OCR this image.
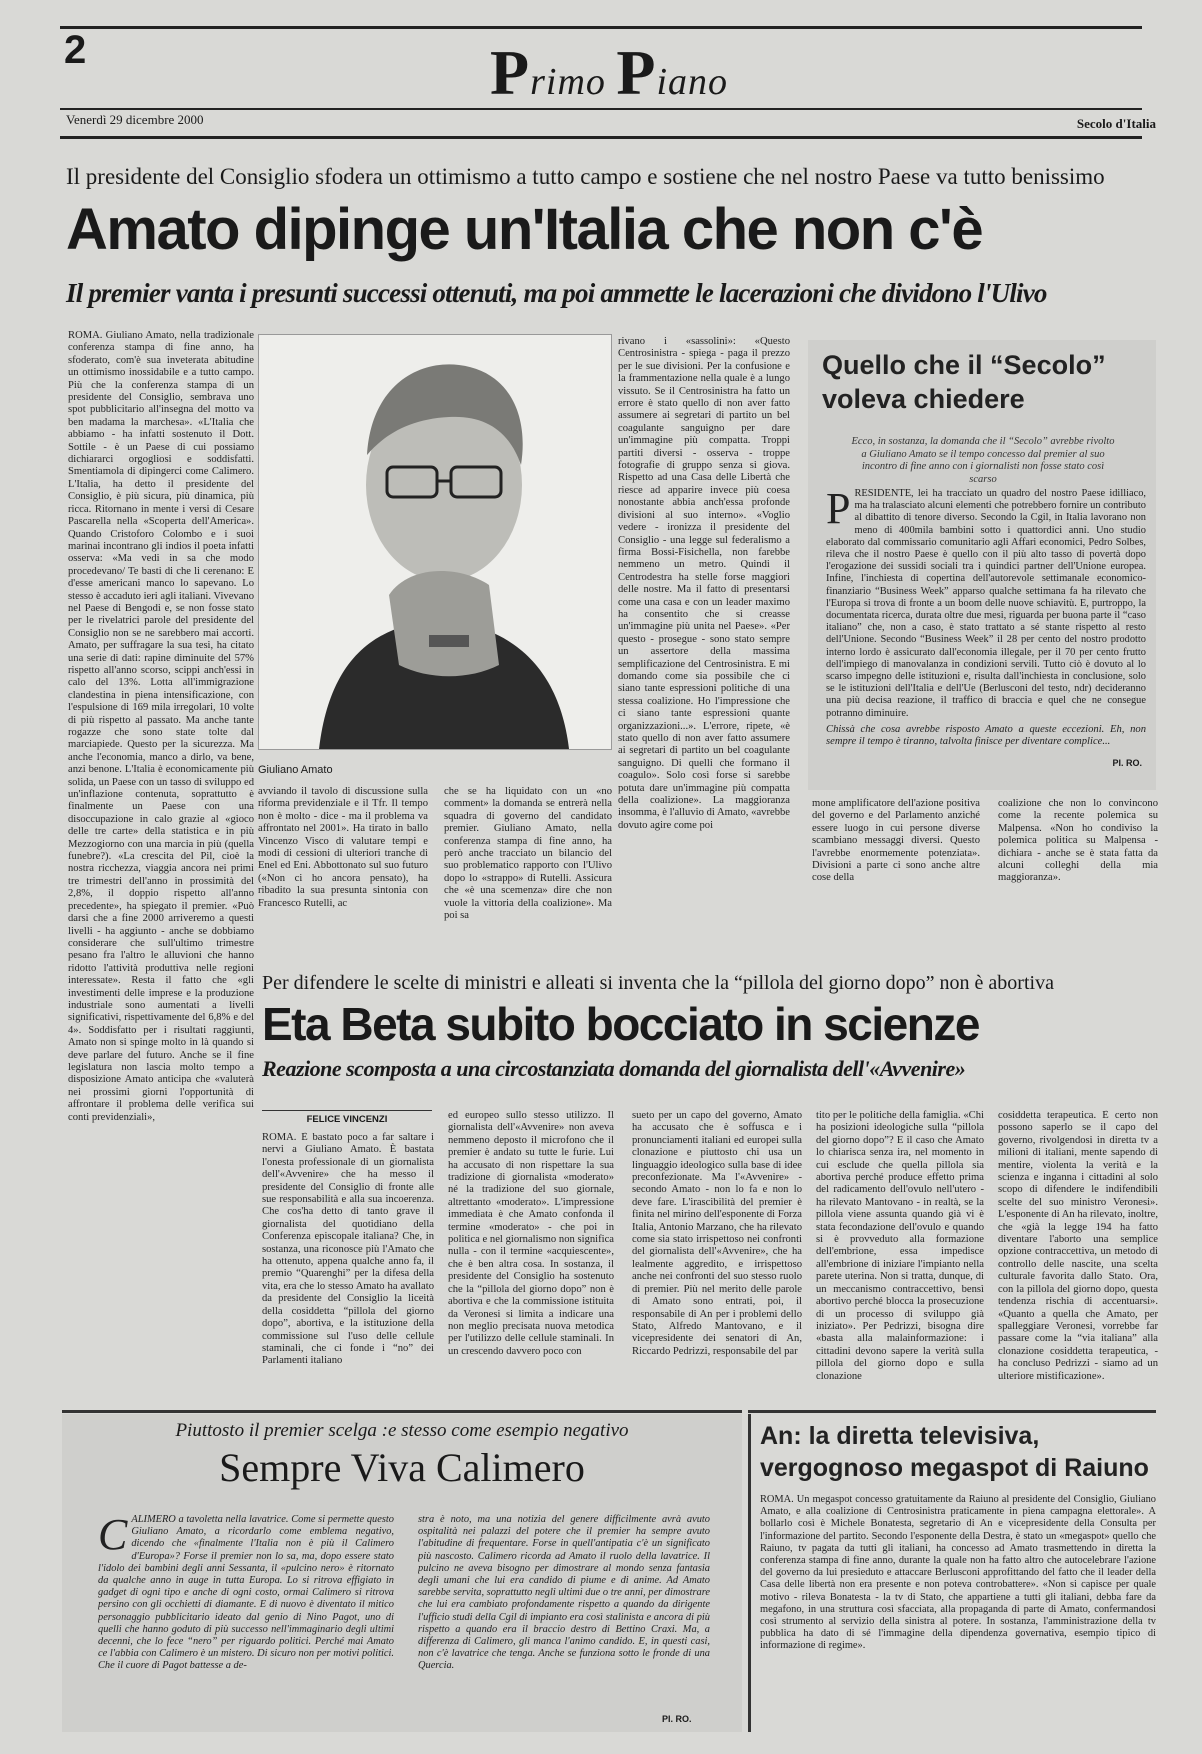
2	Primo Piano
Venerdì 29 dicembre 2000	Secolo d'Italia
Il presidente del Consiglio sfodera un ottimismo a tutto campo e sostiene che nel nostro Paese va tutto benissimo
Amato dipinge un'Italia che non c'è
Il premier vanta i presunti successi ottenuti, ma poi ammette le lacerazioni che dividono l'Ulivo
ROMA. Giuliano Amato, nella tradizionale conferenza stampa di fine anno, ha sfoderato, com'è sua inveterata abitudine un ottimismo inossidabile e a tutto campo. Più che la conferenza stampa di un presidente del Consiglio, sembrava uno spot pubblicitario all'insegna del motto va ben madama la marchesa». «L'Italia che abbiamo - ha infatti sostenuto il Dott. Sottile - è un Paese di cui possiamo dichiararci orgogliosi e soddisfatti. Smentiamola di dipingerci come Calimero. L'Italia, ha detto il presidente del Consiglio, è più sicura, più dinamica, più ricca. Ritornano in mente i versi di Cesare Pascarella nella «Scoperta dell'America». Quando Cristoforo Colombo e i suoi marinai incontrano gli indios il poeta infatti osserva: «Ma vedi in sa che modo procedevano/ Te basti di che li cerenano: E d'esse americani manco lo sapevano. Lo stesso è accaduto ieri agli italiani. Vivevano nel Paese di Bengodi e, se non fosse stato per le rivelatrici parole del presidente del Consiglio non se ne sarebbero mai accorti. Amato, per suffragare la sua tesi, ha citato una serie di dati: rapine diminuite del 57% rispetto all'anno scorso, scippi anch'essi in calo del 13%. Lotta all'immigrazione clandestina in piena intensificazione, con l'espulsione di 169 mila irregolari, 10 volte di più rispetto al passato. Ma anche tante rogazze che sono state tolte dal marciapiede. Questo per la sicurezza. Ma anche l'economia, manco a dirlo, va bene, anzi benone. L'Italia è economicamente più solida, un Paese con un tasso di sviluppo ed un'inflazione contenuta, soprattutto è finalmente un Paese con una disoccupazione in calo grazie al «gioco delle tre carte» della statistica e in più Mezzogiorno con una marcia in più (quella funebre?). «La crescita del Pil, cioè la nostra ricchezza, viaggia ancora nei primi tre trimestri dell'anno in prossimità del 2,8%, il doppio rispetto all'anno precedente», ha spiegato il premier. «Può darsi che a fine 2000 arriveremo a questi livelli - ha aggiunto - anche se dobbiamo considerare che sull'ultimo trimestre pesano fra l'altro le alluvioni che hanno ridotto l'attività produttiva nelle regioni interessate». Resta il fatto che «gli investimenti delle imprese e la produzione industriale sono aumentati a livelli significativi, rispettivamente del 6,8% e del 4». Soddisfatto per i risultati raggiunti, Amato non si spinge molto in là quando si deve parlare del futuro. Anche se il fine legislatura non lascia molto tempo a disposizione Amato anticipa che «valuterà nei prossimi giorni l'opportunità di affrontare il problema delle verifica sui conti previdenziali»,
Giuliano Amato
avviando il tavolo di discussione sulla riforma previdenziale e il Tfr. Il tempo non è molto - dice - ma il problema va affrontato nel 2001». Ha tirato in ballo Vincenzo Visco di valutare tempi e modi di cessioni di ulteriori tranche di Enel ed Eni. Abbottonato sul suo futuro («Non ci ho ancora pensato), ha ribadito la sua presunta sintonia con Francesco Rutelli, ac
che se ha liquidato con un «no comment» la domanda se entrerà nella squadra di governo del candidato premier. Giuliano Amato, nella conferenza stampa di fine anno, ha però anche tracciato un bilancio del suo problematico rapporto con l'Ulivo dopo lo «strappo» di Rutelli. Assicura che «è una scemenza» dire che non vuole la vittoria della coalizione». Ma poi sa
rivano i «sassolini»: «Questo Centrosinistra - spiega - paga il prezzo per le sue divisioni. Per la confusione e la frammentazione nella quale è a lungo vissuto. Se il Centrosinistra ha fatto un errore è stato quello di non aver fatto assumere ai segretari di partito un bel coagulante sanguigno per dare un'immagine più compatta. Troppi partiti diversi - osserva - troppe fotografie di gruppo senza si giova. Rispetto ad una Casa delle Libertà che riesce ad apparire invece più coesa nonostante abbia anch'essa profonde divisioni al suo interno». «Voglio vedere - ironizza il presidente del Consiglio - una legge sul federalismo a firma Bossi-Fisichella, non farebbe nemmeno un metro. Quindi il Centrodestra ha stelle forse maggiori delle nostre. Ma il fatto di presentarsi come una casa e con un leader maximo ha consentito che si creasse un'immagine più unita nel Paese». «Per questo - prosegue - sono stato sempre un assertore della massima semplificazione del Centrosinistra. E mi domando come sia possibile che ci siano tante espressioni politiche di una stessa coalizione. Ho l'impressione che ci siano tante espressioni quante organizzazioni...». L'errore, ripete, «è stato quello di non aver fatto assumere ai segretari di partito un bel coagulante sanguigno. Di quelli che formano il coagulo». Solo così forse si sarebbe potuta dare un'immagine più compatta della coalizione». La maggioranza insomma, è l'alluvio di Amato, «avrebbe dovuto agire come poi
Quello che il “Secolo”
voleva chiedere
Ecco, in sostanza, la domanda che il “Secolo” avrebbe rivolto a Giuliano Amato se il tempo concesso dal premier al suo incontro di fine anno con i giornalisti non fosse stato così scarso
PRESIDENTE, lei ha tracciato un quadro del nostro Paese idilliaco, ma ha tralasciato alcuni elementi che potrebbero fornire un contributo al dibattito di tenore diverso. Secondo la Cgil, in Italia lavorano non meno di 400mila bambini sotto i quattordici anni. Uno studio elaborato dal commissario comunitario agli Affari economici, Pedro Solbes, rileva che il nostro Paese è quello con il più alto tasso di povertà dopo l'erogazione dei sussidi sociali tra i quindici partner dell'Unione europea. Infine, l'inchiesta di copertina dell'autorevole settimanale economico-finanziario “Business Week” apparso qualche settimana fa ha rilevato che l'Europa si trova di fronte a un boom delle nuove schiavitù. E, purtroppo, la documentata ricerca, durata oltre due mesi, riguarda per buona parte il “caso italiano” che, non a caso, è stato trattato a sé stante rispetto al resto dell'Unione. Secondo “Business Week” il 28 per cento del nostro prodotto interno lordo è assicurato dall'economia illegale, per il 70 per cento frutto dell'impiego di manovalanza in condizioni servili. Tutto ciò è dovuto al lo scarso impegno delle istituzioni e, risulta dall'inchiesta in conclusione, solo se le istituzioni dell'Italia e dell'Ue (Berlusconi del testo, ndr) decideranno una più decisa reazione, il traffico di braccia e quel che ne consegue potranno diminuire.
Chissà che cosa avrebbe risposto Amato a queste eccezioni. Eh, non sempre il tempo è tiranno, talvolta finisce per diventare complice...
PI. RO.
mone amplificatore dell'azione positiva del governo e del Parlamento anziché essere luogo in cui persone diverse scambiano messaggi diversi. Questo l'avrebbe enormemente potenziata». Divisioni a parte ci sono anche altre cose della
coalizione che non lo convincono come la recente polemica su Malpensa. «Non ho condiviso la polemica politica su Malpensa - dichiara - anche se è stata fatta da alcuni colleghi della mia maggioranza».
Per difendere le scelte di ministri e alleati si inventa che la “pillola del giorno dopo” non è abortiva
Eta Beta subito bocciato in scienze
Reazione scomposta a una circostanziata domanda del giornalista dell'«Avvenire»
FELICE VINCENZI
ROMA. È bastato poco a far saltare i nervi a Giuliano Amato. È bastata l'onesta professionale di un giornalista dell'«Avvenire» che ha messo il presidente del Consiglio di fronte alle sue responsabilità e alla sua incoerenza. Che cos'ha detto di tanto grave il giornalista del quotidiano della Conferenza episcopale italiana? Che, in sostanza, una riconosce più l'Amato che ha ottenuto, appena qualche anno fa, il premio “Quarenghi” per la difesa della vita, era che lo stesso Amato ha avallato da presidente del Consiglio la liceità della cosiddetta “pillola del giorno dopo”, abortiva, e la istituzione della commissione sul l'uso delle cellule staminali, che ci fonde i “no” dei Parlamenti italiano
ed europeo sullo stesso utilizzo. Il giornalista dell'«Avvenire» non aveva nemmeno deposto il microfono che il premier è andato su tutte le furie. Lui ha accusato di non rispettare la sua tradizione di giornalista «moderato» né la tradizione del suo giornale, altrettanto «moderato». L'impressione immediata è che Amato confonda il termine «moderato» - che poi in politica e nel giornalismo non significa nulla - con il termine «acquiescente», che è ben altra cosa. In sostanza, il presidente del Consiglio ha sostenuto che la “pillola del giorno dopo” non è abortiva e che la commissione istituita da Veronesi si limita a indicare una non meglio precisata nuova metodica per l'utilizzo delle cellule staminali. In un crescendo davvero poco con
sueto per un capo del governo, Amato ha accusato che è soffusca e i pronunciamenti italiani ed europei sulla clonazione e piuttosto chi usa un linguaggio ideologico sulla base di idee preconfezionate. Ma l'«Avvenire» - secondo Amato - non lo fa e non lo deve fare. L'irascibilità del premier è finita nel mirino dell'esponente di Forza Italia, Antonio Marzano, che ha rilevato come sia stato irrispettoso nei confronti del giornalista dell'«Avvenire», che ha lealmente aggredito, e irrispettoso anche nei confronti del suo stesso ruolo di premier. Più nel merito delle parole di Amato sono entrati, poi, il responsabile di An per i problemi dello Stato, Alfredo Mantovano, e il vicepresidente dei senatori di An, Riccardo Pedrizzi, responsabile del par
tito per le politiche della famiglia. «Chi ha posizioni ideologiche sulla “pillola del giorno dopo”? E il caso che Amato lo chiarisca senza ira, nel momento in cui esclude che quella pillola sia abortiva perché produce effetto prima del radicamento dell'ovulo nell'utero - ha rilevato Mantovano - in realtà, se la pillola viene assunta quando già vi è stata fecondazione dell'ovulo e quando si è provveduto alla formazione dell'embrione, essa impedisce all'embrione di iniziare l'impianto nella parete uterina. Non si tratta, dunque, di un meccanismo contraccettivo, bensì abortivo perché blocca la prosecuzione di un processo di sviluppo già iniziato». Per Pedrizzi, bisogna dire «basta alla malainformazione: i cittadini devono sapere la verità sulla pillola del giorno dopo e sulla clonazione
cosiddetta terapeutica. È certo non possono saperlo se il capo del governo, rivolgendosi in diretta tv a milioni di italiani, mente sapendo di mentire, violenta la verità e la scienza e inganna i cittadini al solo scopo di difendere le indifendibili scelte del suo ministro Veronesi». L'esponente di An ha rilevato, inoltre, che «già la legge 194 ha fatto diventare l'aborto una semplice opzione contraccettiva, un metodo di controllo delle nascite, una scelta culturale favorita dallo Stato. Ora, con la pillola del giorno dopo, questa tendenza rischia di accentuarsi». «Quanto a quella che Amato, per spalleggiare Veronesi, vorrebbe far passare come la “via italiana” alla clonazione cosiddetta terapeutica, - ha concluso Pedrizzi - siamo ad un ulteriore mistificazione».
Piuttosto il premier scelga :e stesso come esempio negativo
Sempre Viva Calimero
CALIMERO a tavoletta nella lavatrice. Come si permette questo Giuliano Amato, a ricordarlo come emblema negativo, dicendo che «finalmente l'Italia non è più il Calimero d'Europa»? Forse il premier non lo sa, ma, dopo essere stato l'idolo dei bambini degli anni Sessanta, il «pulcino nero» è ritornato da qualche anno in auge in tutta Europa. Lo si ritrova effigiato in gadget di ogni tipo e anche di ogni costo, ormai Calimero si ritrova persino con gli occhietti di diamante. E di nuovo è diventato il mitico personaggio pubblicitario ideato dal genio di Nino Pagot, uno di quelli che hanno goduto di più successo nell'immaginario degli ultimi decenni, che lo fece “nero” per riguardo politici. Perché mai Amato ce l'abbia con Calimero è un mistero. Di sicuro non per motivi politici. Che il cuore di Pagot battesse a de-
stra è noto, ma una notizia del genere difficilmente avrà avuto ospitalità nei palazzi del potere che il premier ha sempre avuto l'abitudine di frequentare. Forse in quell'antipatia c'è un significato più nascosto. Calimero ricorda ad Amato il ruolo della lavatrice. Il pulcino ne aveva bisogno per dimostrare al mondo senza fantasia degli umani che lui era candido di piume e di anime. Ad Amato sarebbe servita, soprattutto negli ultimi due o tre anni, per dimostrare che lui era cambiato profondamente rispetto a quando da dirigente l'ufficio studi della Cgil di impianto era così stalinista e ancora di più rispetto a quando era il braccio destro di Bettino Craxi. Ma, a differenza di Calimero, gli manca l'animo candido. E, in questi casi, non c'è lavatrice che tenga. Anche se funziona sotto le fronde di una Quercia.
PI. RO.
An: la diretta televisiva,
vergognoso megaspot di Raiuno
ROMA. Un megaspot concesso gratuitamente da Raiuno al presidente del Consiglio, Giuliano Amato, e alla coalizione di Centrosinistra praticamente in piena campagna elettorale». A bollarlo così è Michele Bonatesta, segretario di An e vicepresidente della Consulta per l'informazione del partito. Secondo l'esponente della Destra, è stato un «megaspot» quello che Raiuno, tv pagata da tutti gli italiani, ha concesso ad Amato trasmettendo in diretta la conferenza stampa di fine anno, durante la quale non ha fatto altro che autocelebrare l'azione del governo da lui presieduto e attaccare Berlusconi approfittando del fatto che il leader della Casa delle libertà non era presente e non poteva controbattere». «Non si capisce per quale motivo - rileva Bonatesta - la tv di Stato, che appartiene a tutti gli italiani, debba fare da megafono, in una struttura così sfacciata, alla propaganda di parte di Amato, confermandosi così strumento al servizio della sinistra al potere. In sostanza, l'amministrazione della tv pubblica ha dato di sé l'immagine della dipendenza governativa, esempio tipico di informazione di regime».
